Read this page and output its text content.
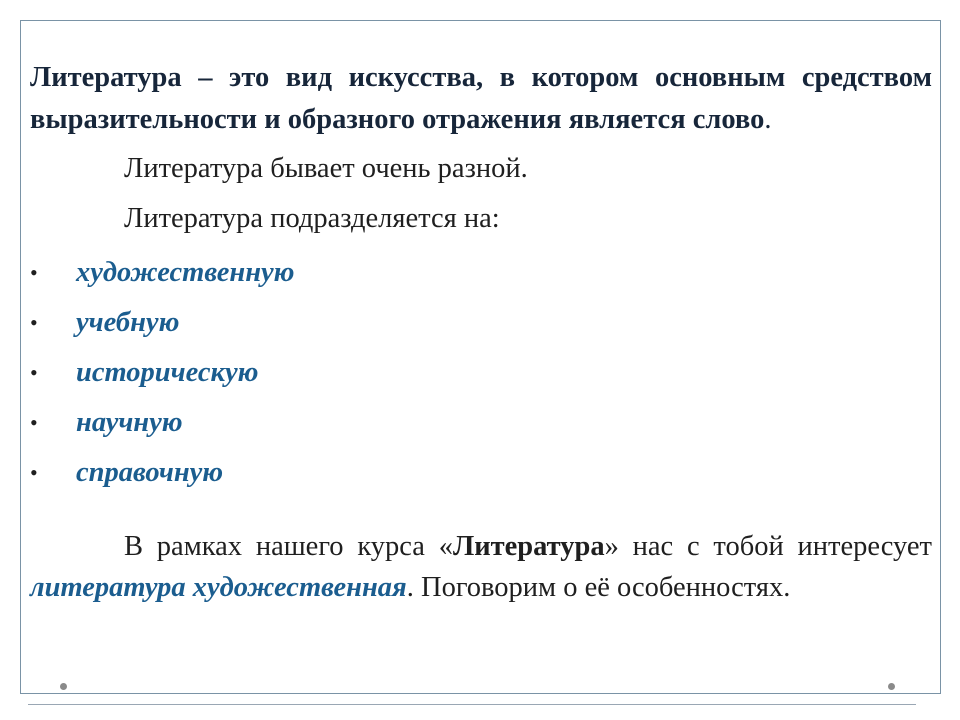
Литература – это вид искусства, в котором основным средством выразительности и образного отражения является слово.

Литература бывает очень разной.

Литература подразделяется на:

•	художественную
•	учебную
•	историческую
•	научную
•	справочную

В рамках нашего курса «Литература» нас с тобой интересует литература художественная. Поговорим о её особенностях.
